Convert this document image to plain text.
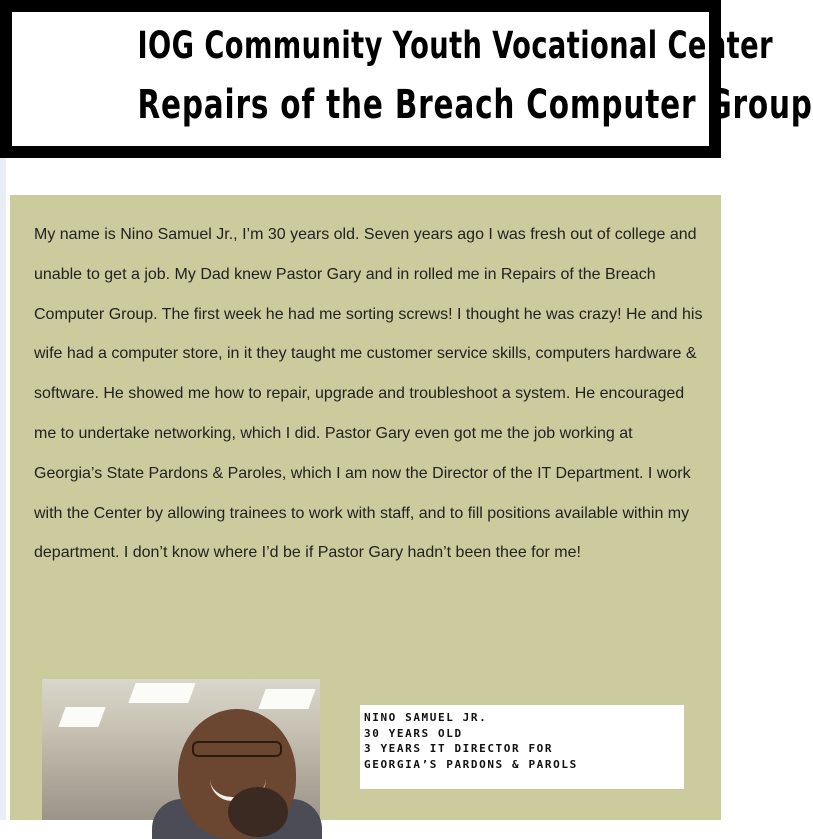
IOG Community Youth Vocational Center
Repairs of the Breach Computer Group

My name is Nino Samuel Jr., I’m 30 years old. Seven years ago I was fresh out of college and unable to get a job. My Dad knew Pastor Gary and in rolled me in Repairs of the Breach Computer Group. The first week he had me sorting screws! I thought he was crazy! He and his wife had a computer store, in it they taught me customer service skills, computers hardware & software. He showed me how to repair, upgrade and troubleshoot a system. He encouraged me to undertake networking, which I did. Pastor Gary even got me the job working at Georgia’s State Pardons & Paroles, which I am now the Director of the IT Department. I work with the Center by allowing trainees to work with staff, and to fill positions available within my department. I don’t know where I’d be if Pastor Gary hadn’t been thee for me!

NINO SAMUEL JR.
30 YEARS OLD
3 YEARS IT DIRECTOR FOR
GEORGIA’S PARDONS & PAROLS
